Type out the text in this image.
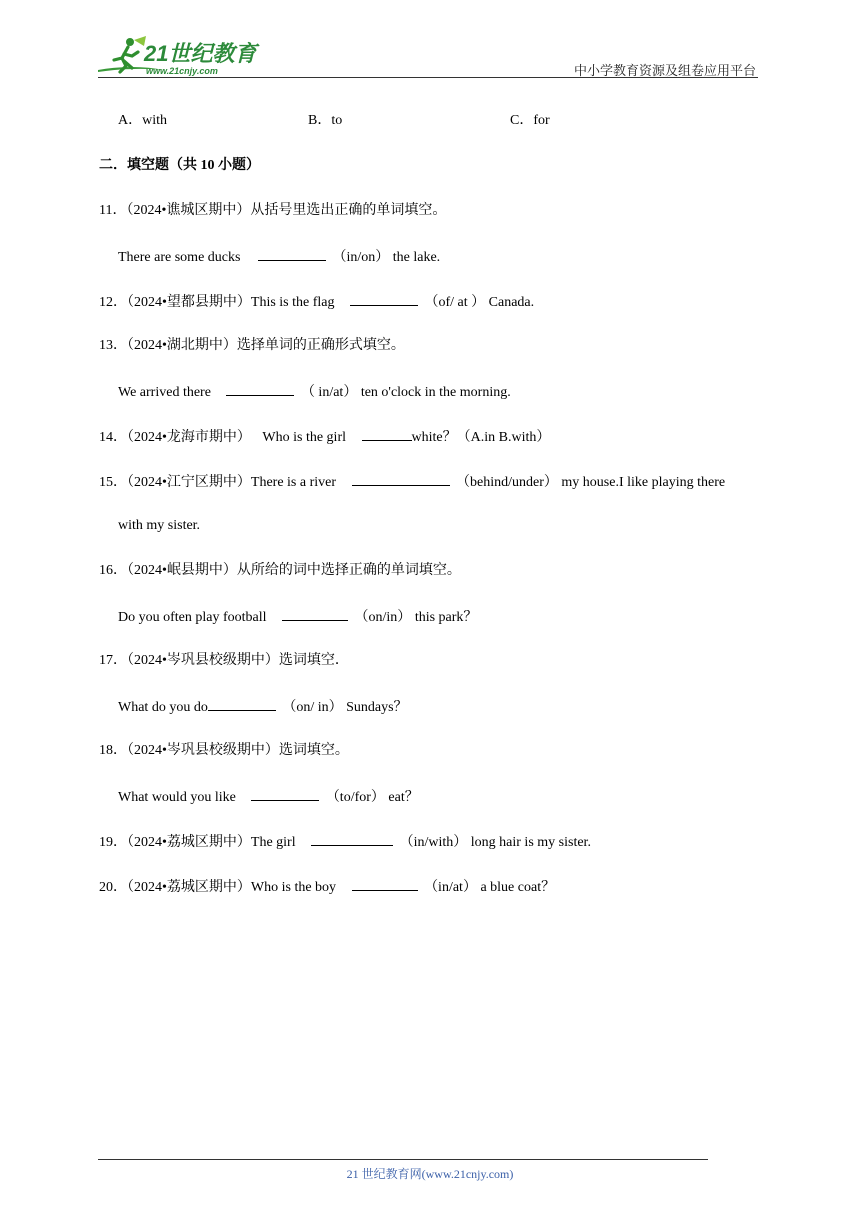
21世纪教育
www.21cnjy.com	中小学教育资源及组卷应用平台
A．with	B．to	C．for
二．填空题（共 10 小题）
11．（2024•谯城区期中）从括号里选出正确的单词填空。
There are some ducks	（in/on） the lake.
12．（2024•望都县期中）This is the flag	（of/ at ） Canada.
13．（2024•湖北期中）选择单词的正确形式填空。
We arrived there	（ in/at） ten o'clock in the morning.
14．（2024•龙海市期中） Who is the girl	white？（A.in B.with）
15．（2024•江宁区期中）There is a river	（behind/under） my house.I like playing there
with my sister.
16．（2024•岷县期中）从所给的词中选择正确的单词填空。
Do you often play football	（on/in） this park？
17．（2024•岑巩县校级期中）选词填空．
What do you do	（on/ in） Sundays？
18．（2024•岑巩县校级期中）选词填空。
What would you like	（to/for） eat？
19．（2024•荔城区期中）The girl	（in/with） long hair is my sister.
20．（2024•荔城区期中）Who is the boy	（in/at） a blue coat？
21 世纪教育网(www.21cnjy.com)
